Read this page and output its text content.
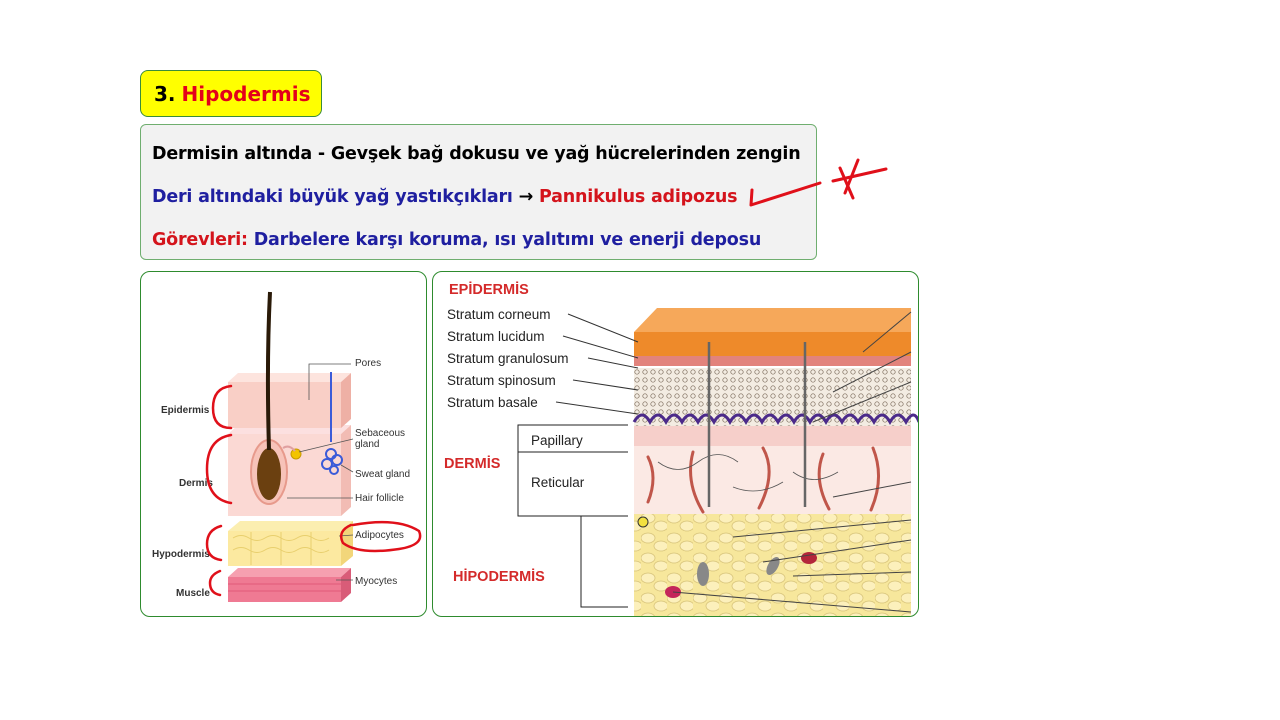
3. Hipodermis
Dermisin altında - Gevşek bağ dokusu ve yağ hücrelerinden zengin
Deri altındaki büyük yağ yastıkçıkları → Pannikulus adipozus
Görevleri: Darbelere karşı koruma, ısı yalıtımı ve enerji deposu
Pores
Sebaceous
gland
Sweat gland
Hair follicle
Adipocytes
Myocytes
Epidermis
Dermis
Hypodermis
Muscle
EPİDERMİS
Stratum corneum
Stratum lucidum
Stratum granulosum
Stratum spinosum
Stratum basale
Papillary
Reticular
DERMİS
HİPODERMİS
